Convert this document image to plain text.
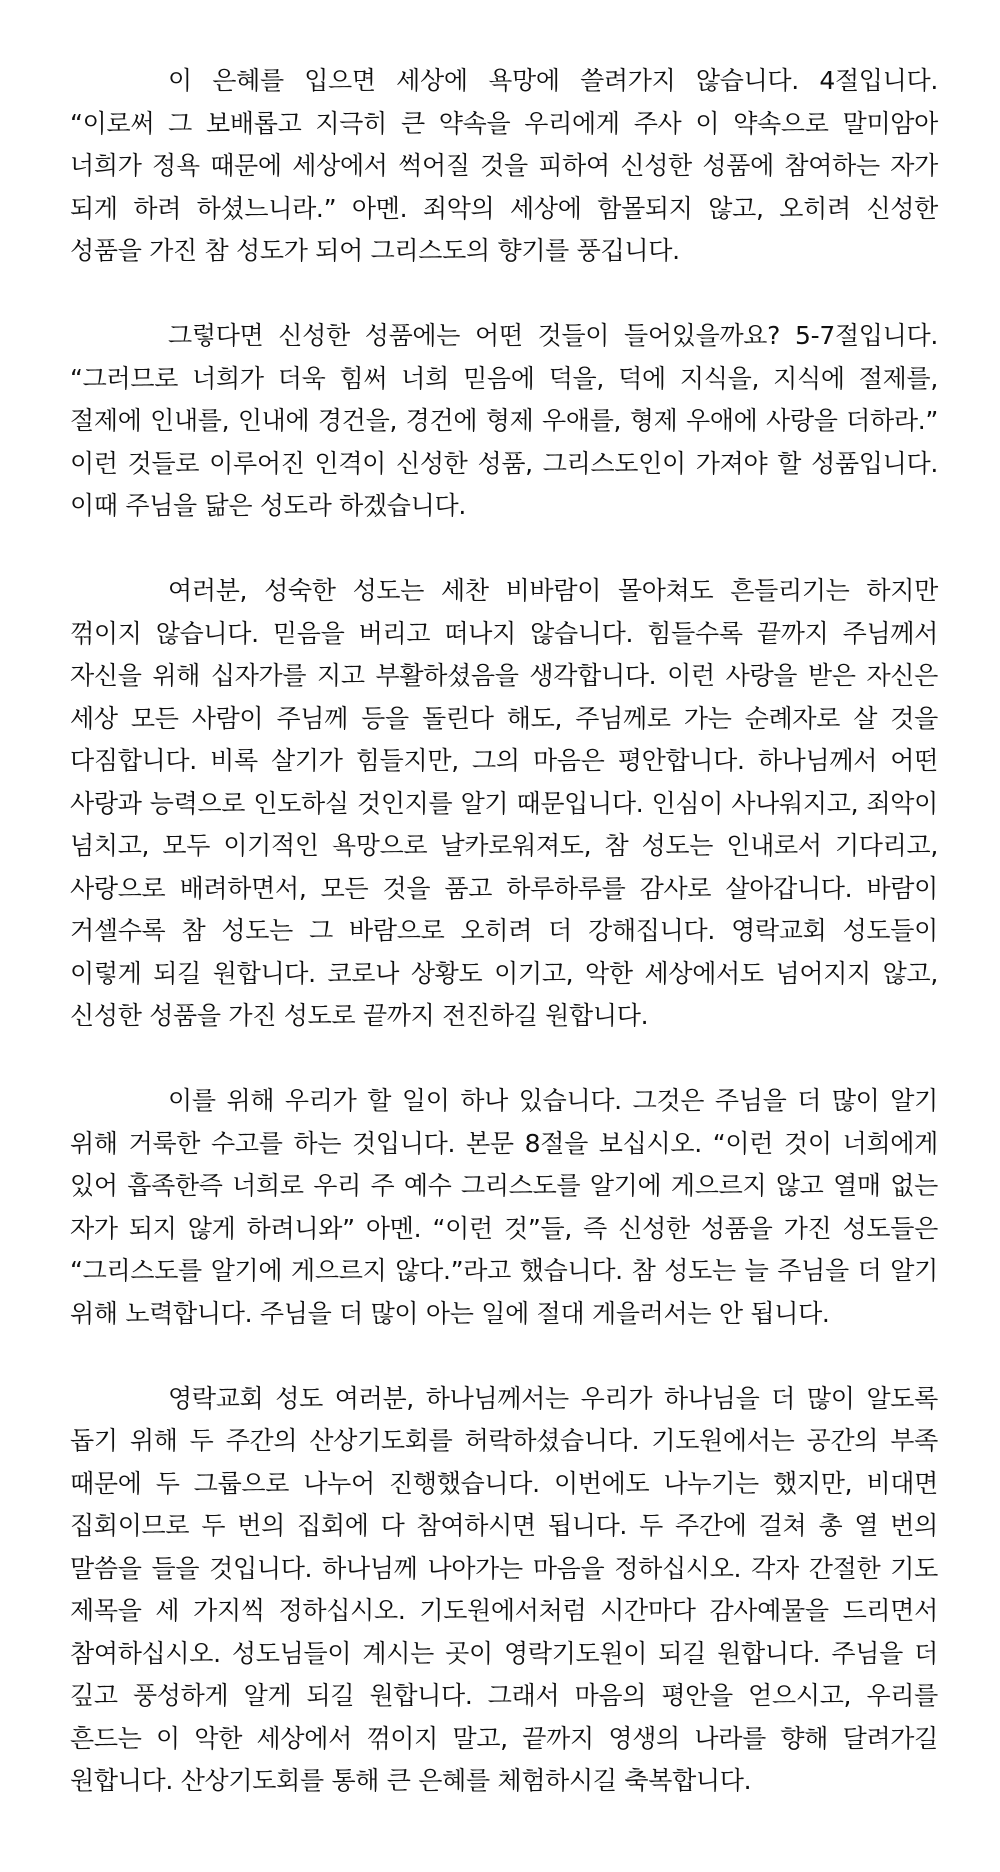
이 은혜를 입으면 세상에 욕망에 쓸려가지 않습니다. 4절입니다. “이로써 그 보배롭고 지극히 큰 약속을 우리에게 주사 이 약속으로 말미암아 너희가 정욕 때문에 세상에서 썩어질 것을 피하여 신성한 성품에 참여하는 자가 되게 하려 하셨느니라.” 아멘. 죄악의 세상에 함몰되지 않고, 오히려 신성한 성품을 가진 참 성도가 되어 그리스도의 향기를 풍깁니다.

그렇다면 신성한 성품에는 어떤 것들이 들어있을까요? 5-7절입니다. “그러므로 너희가 더욱 힘써 너희 믿음에 덕을, 덕에 지식을, 지식에 절제를, 절제에 인내를, 인내에 경건을, 경건에 형제 우애를, 형제 우애에 사랑을 더하라.” 이런 것들로 이루어진 인격이 신성한 성품, 그리스도인이 가져야 할 성품입니다. 이때 주님을 닮은 성도라 하겠습니다.

여러분, 성숙한 성도는 세찬 비바람이 몰아쳐도 흔들리기는 하지만 꺾이지 않습니다. 믿음을 버리고 떠나지 않습니다. 힘들수록 끝까지 주님께서 자신을 위해 십자가를 지고 부활하셨음을 생각합니다. 이런 사랑을 받은 자신은 세상 모든 사람이 주님께 등을 돌린다 해도, 주님께로 가는 순례자로 살 것을 다짐합니다. 비록 살기가 힘들지만, 그의 마음은 평안합니다. 하나님께서 어떤 사랑과 능력으로 인도하실 것인지를 알기 때문입니다. 인심이 사나워지고, 죄악이 넘치고, 모두 이기적인 욕망으로 날카로워져도, 참 성도는 인내로서 기다리고, 사랑으로 배려하면서, 모든 것을 품고 하루하루를 감사로 살아갑니다. 바람이 거셀수록 참 성도는 그 바람으로 오히려 더 강해집니다. 영락교회 성도들이 이렇게 되길 원합니다. 코로나 상황도 이기고, 악한 세상에서도 넘어지지 않고, 신성한 성품을 가진 성도로 끝까지 전진하길 원합니다.

이를 위해 우리가 할 일이 하나 있습니다. 그것은 주님을 더 많이 알기 위해 거룩한 수고를 하는 것입니다. 본문 8절을 보십시오. “이런 것이 너희에게 있어 흡족한즉 너희로 우리 주 예수 그리스도를 알기에 게으르지 않고 열매 없는 자가 되지 않게 하려니와” 아멘. “이런 것”들, 즉 신성한 성품을 가진 성도들은 “그리스도를 알기에 게으르지 않다.”라고 했습니다. 참 성도는 늘 주님을 더 알기 위해 노력합니다. 주님을 더 많이 아는 일에 절대 게을러서는 안 됩니다.

영락교회 성도 여러분, 하나님께서는 우리가 하나님을 더 많이 알도록 돕기 위해 두 주간의 산상기도회를 허락하셨습니다. 기도원에서는 공간의 부족 때문에 두 그룹으로 나누어 진행했습니다. 이번에도 나누기는 했지만, 비대면 집회이므로 두 번의 집회에 다 참여하시면 됩니다. 두 주간에 걸쳐 총 열 번의 말씀을 들을 것입니다. 하나님께 나아가는 마음을 정하십시오. 각자 간절한 기도 제목을 세 가지씩 정하십시오. 기도원에서처럼 시간마다 감사예물을 드리면서 참여하십시오. 성도님들이 계시는 곳이 영락기도원이 되길 원합니다. 주님을 더 깊고 풍성하게 알게 되길 원합니다. 그래서 마음의 평안을 얻으시고, 우리를 흔드는 이 악한 세상에서 꺾이지 말고, 끝까지 영생의 나라를 향해 달려가길 원합니다. 산상기도회를 통해 큰 은혜를 체험하시길 축복합니다.
